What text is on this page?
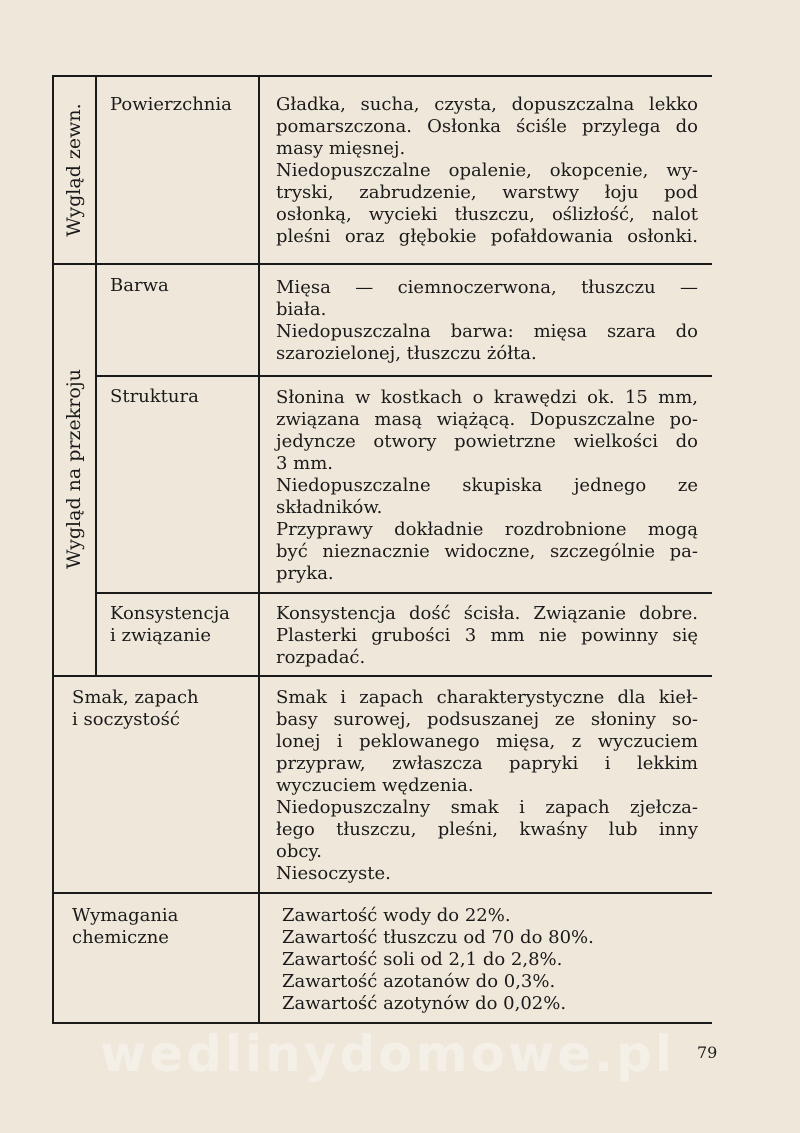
Wygląd zewn.
Wygląd na przekroju
Powierzchnia Gładka, sucha, czysta, dopuszczalna lekko
pomarszczona. Osłonka ściśle przylega do
masy mięsnej.
Niedopuszczalne opalenie, okopcenie, wy-
tryski, zabrudzenie, warstwy łoju pod
osłonką, wycieki tłuszczu, oślizłość, nalot
pleśni oraz głębokie pofałdowania osłonki.
Barwa	Mięsa — ciemnoczerwona, tłuszczu —
biała.
Niedopuszczalna barwa: mięsa szara do
szarozielonej, tłuszczu żółta.
Struktura	Słonina w kostkach o krawędzi ok. 15 mm,
związana masą wiążącą. Dopuszczalne po-
jedyncze otwory powietrzne wielkości do
3 mm.
Niedopuszczalne skupiska jednego ze
składników.
Przyprawy dokładnie rozdrobnione mogą
być nieznacznie widoczne, szczególnie pa-
pryka.
Konsystencja
i związanie
Konsystencja dość ścisła. Związanie dobre.
Plasterki grubości 3 mm nie powinny się
rozpadać.
Smak, zapach
i soczystość
Smak i zapach charakterystyczne dla kieł-
basy surowej, podsuszanej ze słoniny so-
lonej i peklowanego mięsa, z wyczuciem
przypraw, zwłaszcza papryki i lekkim
wyczuciem wędzenia.
Niedopuszczalny smak i zapach zjełcza-
łego tłuszczu, pleśni, kwaśny lub inny
obcy.
Niesoczyste.
Wymagania
chemiczne
Zawartość wody do 22%.
Zawartość tłuszczu od 70 do 80%.
Zawartość soli od 2,1 do 2,8%.
Zawartość azotanów do 0,3%.
Zawartość azotynów do 0,02%.
wedlinydomowe.pl 79
